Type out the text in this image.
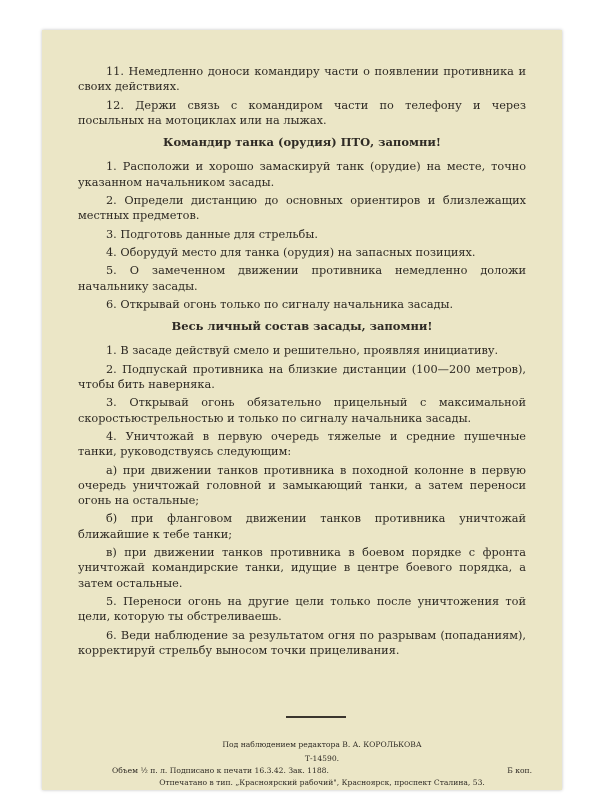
11. Немедленно доноси командиру части о появлении противника и своих действиях.

12. Держи связь с командиром части по телефону и через посыльных на мотоциклах или на лыжах.

Командир танка (орудия) ПТО, запомни!

1. Расположи и хорошо замаскируй танк (орудие) на месте, точно указанном начальником засады.

2. Определи дистанцию до основных ориентиров и близлежащих местных предметов.

3. Подготовь данные для стрельбы.

4. Оборудуй место для танка (орудия) на запасных позициях.

5. О замеченном движении противника немедленно доложи начальнику засады.

6. Открывай огонь только по сигналу начальника засады.

Весь личный состав засады, запомни!

1. В засаде действуй смело и решительно, проявляя инициативу.

2. Подпускай противника на близкие дистанции (100—200 метров), чтобы бить наверняка.

3. Открывай огонь обязательно прицельный с максимальной скоростьюстрельностью и только по сигналу начальника засады.

4. Уничтожай в первую очередь тяжелые и средние пушечные танки, руководствуясь следующим:

а) при движении танков противника в походной колонне в первую очередь уничтожай головной и замыкающий танки, а затем переноси огонь на остальные;

б) при фланговом движении танков противника уничтожай ближайшие к тебе танки;

в) при движении танков противника в боевом порядке с фронта уничтожай командирские танки, идущие в центре боевого порядка, а затем остальные.

5. Переноси огонь на другие цели только после уничтожения той цели, которую ты обстреливаешь.

6. Веди наблюдение за результатом огня по разрывам (попаданиям), корректируй стрельбу выносом точки прицеливания.

Под наблюдением редактора В. А. КОРОЛЬКОВА
Т-14590.
Объем ½ п. л. Подписано к печати 16.3.42. Зак. 1188.	Б коп.
Отпечатано в тип. „Красноярский рабочий", Красноярск, проспект Сталина, 53.
